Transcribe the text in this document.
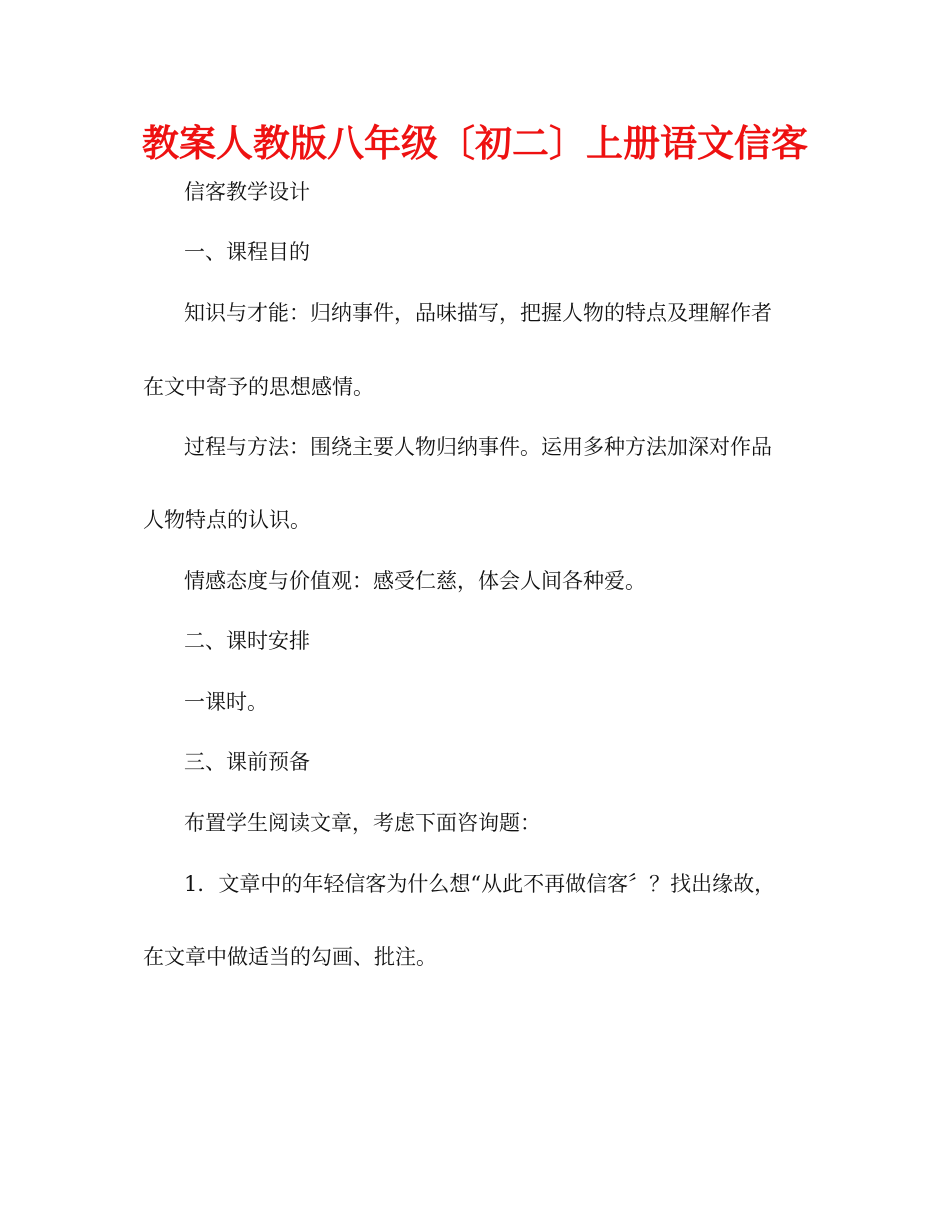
教案人教版八年级〔初二〕上册语文信客
信客教学设计
一、课程目的
知识与才能：归纳事件，品味描写，把握人物的特点及理解作者
在文中寄予的思想感情。
过程与方法：围绕主要人物归纳事件。运用多种方法加深对作品
人物特点的认识。
情感态度与价值观：感受仁慈，体会人间各种爱。
二、课时安排
一课时。
三、课前预备
布置学生阅读文章，考虑下面咨询题：
1．文章中的年轻信客为什么想“从此不再做信客〞？找出缘故，
在文章中做适当的勾画、批注。
